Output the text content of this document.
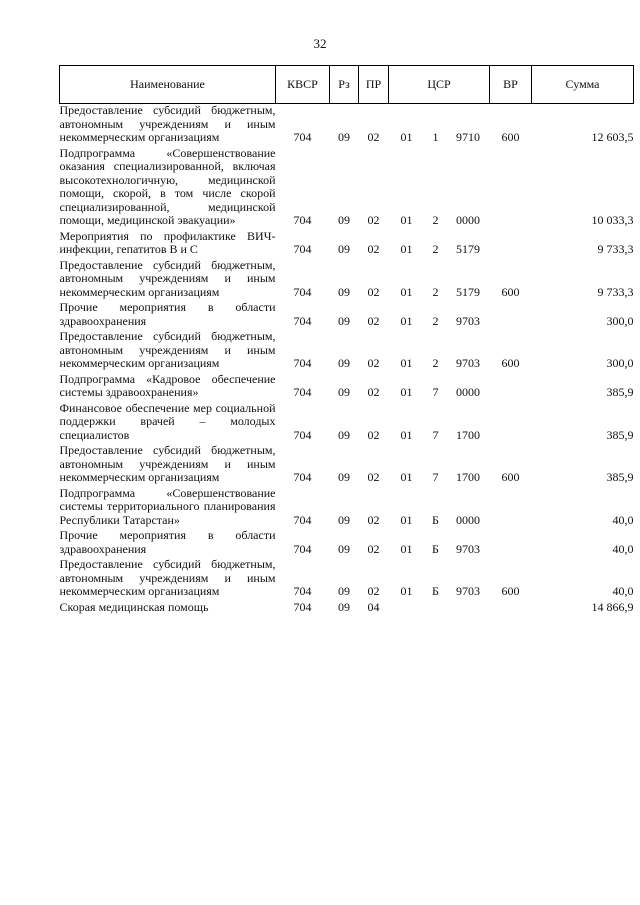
32
Наименование	КВСР	Рз	ПР	ЦСР			ВР	Сумма
Предоставление субсидий бюджетным, автономным учреждениям и иным некоммерческим организациям	704	09	02	01	1	9710	600	12 603,5
Подпрограмма «Совершенствование оказания специализированной, включая высокотехнологичную, медицинской помощи, скорой, в том числе скорой специализированной, медицинской помощи, медицинской эвакуации»	704	09	02	01	2	0000		10 033,3
Мероприятия по профилактике ВИЧ-инфекции, гепатитов В и С	704	09	02	01	2	5179		9 733,3
Предоставление субсидий бюджетным, автономным учреждениям и иным некоммерческим организациям	704	09	02	01	2	5179	600	9 733,3
Прочие мероприятия в области здравоохранения	704	09	02	01	2	9703		300,0
Предоставление субсидий бюджетным, автономным учреждениям и иным некоммерческим организациям	704	09	02	01	2	9703	600	300,0
Подпрограмма «Кадровое обеспечение системы здравоохранения»	704	09	02	01	7	0000		385,9
Финансовое обеспечение мер социальной поддержки врачей – молодых специалистов	704	09	02	01	7	1700		385,9
Предоставление субсидий бюджетным, автономным учреждениям и иным некоммерческим организациям	704	09	02	01	7	1700	600	385,9
Подпрограмма «Совершенствование системы территориального планирования Республики Татарстан»	704	09	02	01	Б	0000		40,0
Прочие мероприятия в области здравоохранения	704	09	02	01	Б	9703		40,0
Предоставление субсидий бюджетным, автономным учреждениям и иным некоммерческим организациям	704	09	02	01	Б	9703	600	40,0
Скорая медицинская помощь	704	09	04					14 866,9
